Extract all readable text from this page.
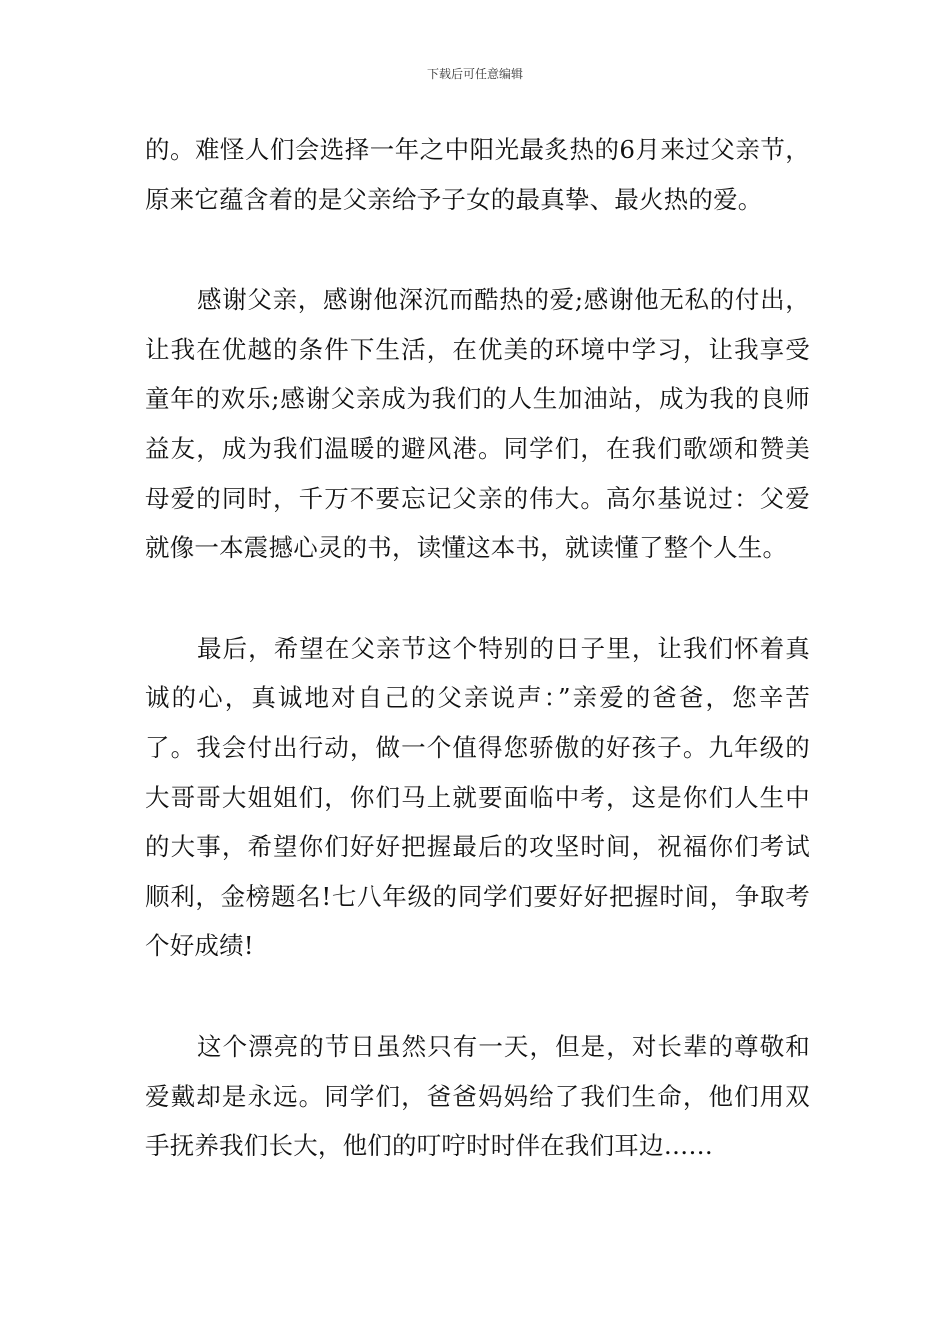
下载后可任意编辑

的。难怪人们会选择一年之中阳光最炙热的6月来过父亲节，原来它蕴含着的是父亲给予子女的最真挚、最火热的爱。

感谢父亲，感谢他深沉而酷热的爱;感谢他无私的付出，让我在优越的条件下生活，在优美的环境中学习，让我享受童年的欢乐;感谢父亲成为我们的人生加油站，成为我的良师益友，成为我们温暖的避风港。同学们，在我们歌颂和赞美母爱的同时，千万不要忘记父亲的伟大。高尔基说过：父爱就像一本震撼心灵的书，读懂这本书，就读懂了整个人生。

最后，希望在父亲节这个特别的日子里，让我们怀着真诚的心，真诚地对自己的父亲说声：”亲爱的爸爸，您辛苦了。我会付出行动，做一个值得您骄傲的好孩子。九年级的大哥哥大姐姐们，你们马上就要面临中考，这是你们人生中的大事，希望你们好好把握最后的攻坚时间，祝福你们考试顺利，金榜题名!七八年级的同学们要好好把握时间，争取考个好成绩!

这个漂亮的节日虽然只有一天，但是，对长辈的尊敬和爱戴却是永远。同学们，爸爸妈妈给了我们生命，他们用双手抚养我们长大，他们的叮咛时时伴在我们耳边……
